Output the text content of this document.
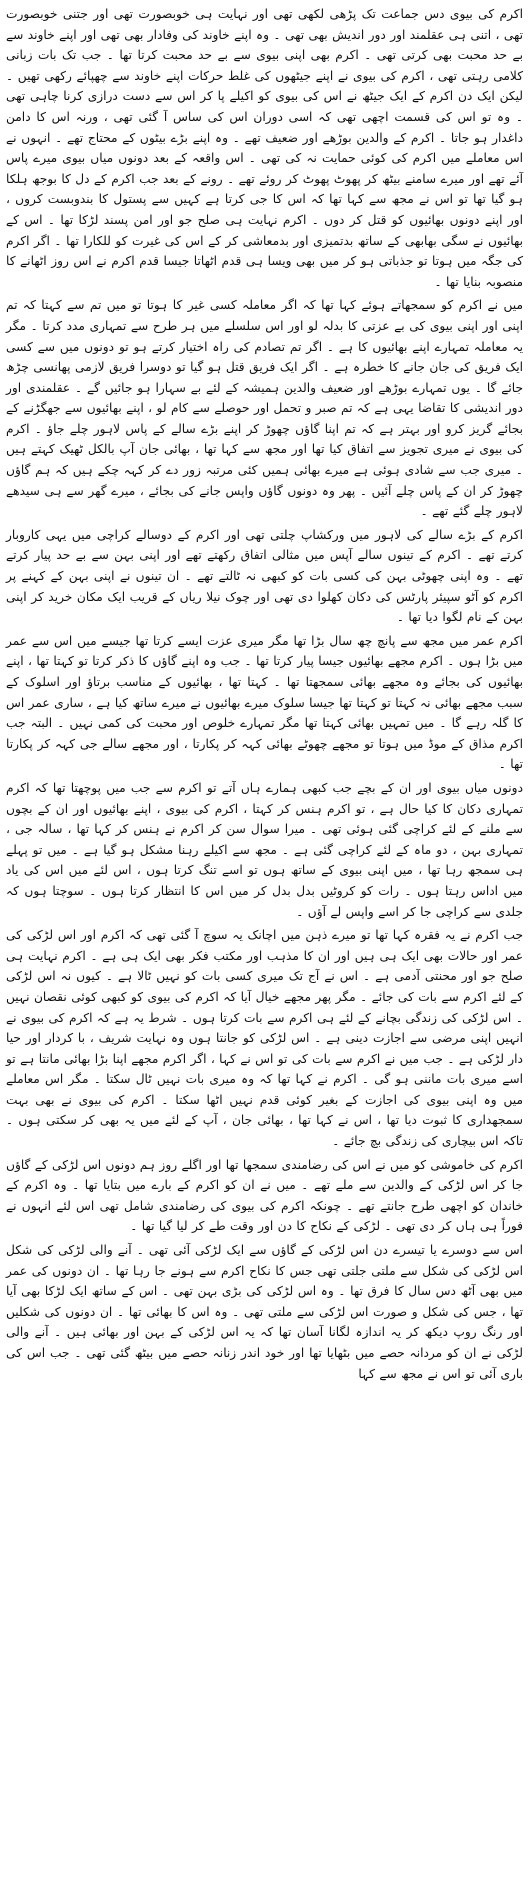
اکرم کی بیوی دس جماعت تک پڑھی لکھی تھی اور نہایت ہی خوبصورت تھی اور جتنی خوبصورت تھی ، اتنی ہی عقلمند اور دور اندیش بھی تھی ۔ وہ اپنے خاوند کی وفادار بھی تھی اور اپنے خاوند سے بے حد محبت بھی کرتی تھی ۔ اکرم بھی اپنی بیوی سے بے حد محبت کرتا تھا ۔ جب تک بات زبانی کلامی رہتی تھی ، اکرم کی بیوی نے اپنے جیٹھوں کی غلط حرکات اپنے خاوند سے چھپائے رکھی تھیں ۔ لیکن ایک دن اکرم کے ایک جیٹھ نے اس کی بیوی کو اکیلے پا کر اس سے دست درازی کرنا چاہی تھی ۔ وہ تو اس کی قسمت اچھی تھی کہ اسی دوران اس کی ساس آ گئی تھی ، ورنہ اس کا دامن داغدار ہو جاتا ۔ اکرم کے والدین بوڑھے اور ضعیف تھے ۔ وہ اپنے بڑے بیٹوں کے محتاج تھے ۔ انہوں نے اس معاملے میں اکرم کی کوئی حمایت نہ کی تھی ۔ اس واقعہ کے بعد دونوں میاں بیوی میرے پاس آئے تھے اور میرے سامنے بیٹھ کر پھوٹ پھوٹ کر روئے تھے ۔ رونے کے بعد جب اکرم کے دل کا بوجھ ہلکا ہو گیا تھا تو اس نے مجھ سے کہا تھا کہ اس کا جی کرتا ہے کہیں سے پستول کا بندوبست کروں ، اور اپنے دونوں بھائیوں کو قتل کر دوں ۔ اکرم نہایت ہی صلح جو اور امن پسند لڑکا تھا ۔ اس کے بھائیوں نے سگی بھابھی کے ساتھ بدتمیزی اور بدمعاشی کر کے اس کی غیرت کو للکارا تھا ۔ اگر اکرم کی جگہ میں ہوتا تو جذباتی ہو کر میں بھی ویسا ہی قدم اٹھاتا جیسا قدم اکرم نے اس روز اٹھانے کا منصوبہ بنایا تھا ۔

میں نے اکرم کو سمجھاتے ہوئے کہا تھا کہ اگر معاملہ کسی غیر کا ہوتا تو میں تم سے کہتا کہ تم اپنی اور اپنی بیوی کی بے عزتی کا بدلہ لو اور اس سلسلے میں ہر طرح سے تمہاری مدد کرتا ۔ مگر یہ معاملہ تمہارے اپنے بھائیوں کا ہے ۔ اگر تم تصادم کی راہ اختیار کرتے ہو تو دونوں میں سے کسی ایک فریق کی جان جانے کا خطرہ ہے ۔ اگر ایک فریق قتل ہو گیا تو دوسرا فریق لازمی پھانسی چڑھ جائے گا ۔ یوں تمہارے بوڑھے اور ضعیف والدین ہمیشہ کے لئے بے سہارا ہو جائیں گے ۔ عقلمندی اور دور اندیشی کا تقاضا یہی ہے کہ تم صبر و تحمل اور حوصلے سے کام لو ، اپنے بھائیوں سے جھگڑنے کے بجائے گریز کرو اور بہتر ہے کہ تم اپنا گاؤں چھوڑ کر اپنے بڑے سالے کے پاس لاہور چلے جاؤ ۔ اکرم کی بیوی نے میری تجویز سے اتفاق کیا تھا اور مجھ سے کہا تھا ، بھائی جان آپ بالکل ٹھیک کہتے ہیں ۔ میری جب سے شادی ہوئی ہے میرے بھائی ہمیں کئی مرتبہ زور دے کر کہہ چکے ہیں کہ ہم گاؤں چھوڑ کر ان کے پاس چلے آئیں ۔ پھر وہ دونوں گاؤں واپس جانے کی بجائے ، میرے گھر سے ہی سیدھے لاہور چلے گئے تھے ۔

اکرم کے بڑے سالے کی لاہور میں ورکشاپ چلتی تھی اور اکرم کے دوسالے کراچی میں یہی کاروبار کرتے تھے ۔ اکرم کے تینوں سالے آپس میں مثالی اتفاق رکھتے تھے اور اپنی بہن سے بے حد پیار کرتے تھے ۔ وہ اپنی چھوٹی بہن کی کسی بات کو کبھی نہ ٹالتے تھے ۔ ان تینوں نے اپنی بہن کے کہنے پر اکرم کو آٹو سپیئر پارٹس کی دکان کھلوا دی تھی اور چوک نیلا ریاں کے قریب ایک مکان خرید کر اپنی بہن کے نام لگوا دیا تھا ۔

اکرم عمر میں مجھ سے پانچ چھ سال بڑا تھا مگر میری عزت ایسے کرتا تھا جیسے میں اس سے عمر میں بڑا ہوں ۔ اکرم مجھے بھائیوں جیسا پیار کرتا تھا ۔ جب وہ اپنے گاؤں کا ذکر کرتا تو کہتا تھا ، اپنے بھائیوں کی بجائے وہ مجھے بھائی سمجھتا تھا ۔ کہتا تھا ، بھائیوں کے مناسب برتاؤ اور اسلوک کے سبب مجھے بھائی نہ کہتا تو کہتا تھا جیسا سلوک میرے بھائیوں نے میرے ساتھ کیا ہے ، ساری عمر اس کا گلہ رہے گا ۔ میں تمہیں بھائی کہتا تھا مگر تمہارے خلوص اور محبت کی کمی نہیں ۔ البتہ جب اکرم مذاق کے موڈ میں ہوتا تو مجھے چھوٹے بھائی کہہ کر پکارتا ، اور مجھے سالے جی کہہ کر پکارتا تھا ۔

دونوں میاں بیوی اور ان کے بچے جب کبھی ہمارے ہاں آتے تو اکرم سے جب میں پوچھتا تھا کہ اکرم تمہاری دکان کا کیا حال ہے ، تو اکرم ہنس کر کہتا ، اکرم کی بیوی ، اپنے بھائیوں اور ان کے بچوں سے ملنے کے لئے کراچی گئی ہوئی تھی ۔ میرا سوال سن کر اکرم نے ہنس کر کہا تھا ، سالہ جی ، تمہاری بہن ، دو ماہ کے لئے کراچی گئی ہے ۔ مجھ سے اکیلے رہنا مشکل ہو گیا ہے ۔ میں تو پہلے ہی سمجھ رہا تھا ، میں اپنی بیوی کے ساتھ ہوں تو اسے تنگ کرتا ہوں ، اس لئے میں اس کی یاد میں اداس رہتا ہوں ۔ رات کو کروٹیں بدل بدل کر میں اس کا انتظار کرتا ہوں ۔ سوچتا ہوں کہ جلدی سے کراچی جا کر اسے واپس لے آؤں ۔

جب اکرم نے یہ فقرہ کہا تھا تو میرے ذہن میں اچانک یہ سوچ آ گئی تھی کہ اکرم اور اس لڑکی کی عمر اور حالات بھی ایک ہی ہیں اور ان کا مذہب اور مکتب فکر بھی ایک ہی ہے ۔ اکرم نہایت ہی صلح جو اور محنتی آدمی ہے ۔ اس نے آج تک میری کسی بات کو نہیں ٹالا ہے ۔ کیوں نہ اس لڑکی کے لئے اکرم سے بات کی جائے ۔ مگر پھر مجھے خیال آیا کہ اکرم کی بیوی کو کبھی کوئی نقصان نہیں ۔ اس لڑکی کی زندگی بچانے کے لئے ہی اکرم سے بات کرتا ہوں ۔ شرط یہ ہے کہ اکرم کی بیوی نے انہیں اپنی مرضی سے اجازت دینی ہے ۔ اس لڑکی کو جانتا ہوں وہ نہایت شریف ، با کردار اور حیا دار لڑکی ہے ۔ جب میں نے اکرم سے بات کی تو اس نے کہا ، اگر اکرم مجھے اپنا بڑا بھائی مانتا ہے تو اسے میری بات ماننی ہو گی ۔ اکرم نے کہا تھا کہ وہ میری بات نہیں ٹال سکتا ۔ مگر اس معاملے میں وہ اپنی بیوی کی اجازت کے بغیر کوئی قدم نہیں اٹھا سکتا ۔ اکرم کی بیوی نے بھی بہت سمجھداری کا ثبوت دیا تھا ، اس نے کہا تھا ، بھائی جان ، آپ کے لئے میں یہ بھی کر سکتی ہوں ۔ تاکہ اس بیچاری کی زندگی بچ جائے ۔

اکرم کی خاموشی کو میں نے اس کی رضامندی سمجھا تھا اور اگلے روز ہم دونوں اس لڑکی کے گاؤں جا کر اس لڑکی کے والدین سے ملے تھے ۔ میں نے ان کو اکرم کے بارے میں بتایا تھا ۔ وہ اکرم کے خاندان کو اچھی طرح جانتے تھے ۔ چونکہ اکرم کی بیوی کی رضامندی شامل تھی اس لئے انہوں نے فوراً ہی ہاں کر دی تھی ۔ لڑکی کے نکاح کا دن اور وقت طے کر لیا گیا تھا ۔

اس سے دوسرے یا تیسرے دن اس لڑکی کے گاؤں سے ایک لڑکی آئی تھی ۔ آنے والی لڑکی کی شکل اس لڑکی کی شکل سے ملتی جلتی تھی جس کا نکاح اکرم سے ہونے جا رہا تھا ۔ ان دونوں کی عمر میں بھی آٹھ دس سال کا فرق تھا ۔ وہ اس لڑکی کی بڑی بہن تھی ۔ اس کے ساتھ ایک لڑکا بھی آیا تھا ، جس کی شکل و صورت اس لڑکی سے ملتی تھی ۔ وہ اس کا بھائی تھا ۔ ان دونوں کی شکلیں اور رنگ روپ دیکھ کر یہ اندازہ لگانا آسان تھا کہ یہ اس لڑکی کے بہن اور بھائی ہیں ۔ آنے والی لڑکی نے ان کو مردانہ حصے میں بٹھایا تھا اور خود اندر زنانہ حصے میں بیٹھ گئی تھی ۔ جب اس کی باری آئی تو اس نے مجھ سے کہا
